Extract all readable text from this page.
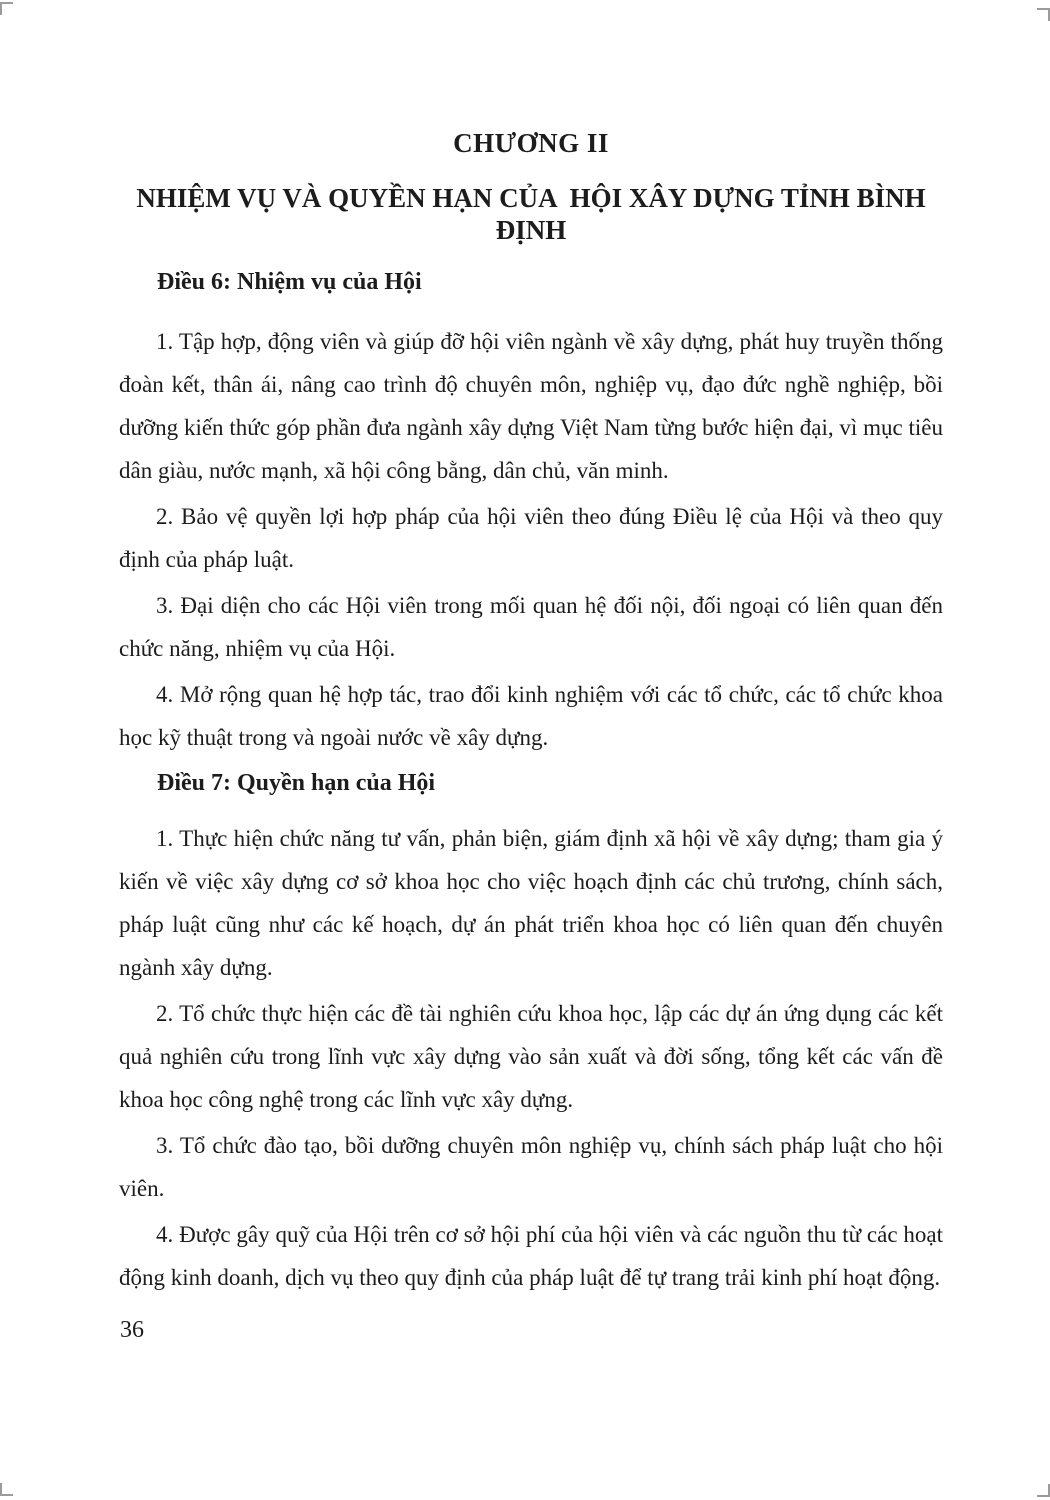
CHƯƠNG II
NHIỆM VỤ VÀ QUYỀN HẠN CỦA  HỘI XÂY DỰNG TỈNH BÌNH ĐỊNH
Điều 6: Nhiệm vụ của Hội

1. Tập hợp, động viên và giúp đỡ hội viên ngành về xây dựng, phát huy truyền thống đoàn kết, thân ái, nâng cao trình độ chuyên môn, nghiệp vụ, đạo đức nghề nghiệp, bồi dưỡng kiến thức góp phần đưa ngành xây dựng Việt Nam từng bước hiện đại, vì mục tiêu dân giàu, nước mạnh, xã hội công bằng, dân chủ, văn minh.

2. Bảo vệ quyền lợi hợp pháp của hội viên theo đúng Điều lệ của Hội và theo quy định của pháp luật.

3. Đại diện cho các Hội viên trong mối quan hệ đối nội, đối ngoại có liên quan đến chức năng, nhiệm vụ của Hội.

4. Mở rộng quan hệ hợp tác, trao đổi kinh nghiệm với các tổ chức, các tổ chức khoa học kỹ thuật trong và ngoài nước về xây dựng.

Điều 7: Quyền hạn của Hội

1. Thực hiện chức năng tư vấn, phản biện, giám định xã hội về xây dựng; tham gia ý kiến về việc xây dựng cơ sở khoa học cho việc hoạch định các chủ trương, chính sách, pháp luật cũng như các kế hoạch, dự án phát triển khoa học có liên quan đến chuyên ngành xây dựng.

2. Tổ chức thực hiện các đề tài nghiên cứu khoa học, lập các dự án ứng dụng các kết quả nghiên cứu trong lĩnh vực xây dựng vào sản xuất và đời sống, tổng kết các vấn đề khoa học công nghệ trong các lĩnh vực xây dựng.

3. Tổ chức đào tạo, bồi dưỡng chuyên môn nghiệp vụ, chính sách pháp luật cho hội viên.

4. Được gây quỹ của Hội trên cơ sở hội phí của hội viên và các nguồn thu từ các hoạt động kinh doanh, dịch vụ theo quy định của pháp luật để tự trang trải kinh phí hoạt động.

36
